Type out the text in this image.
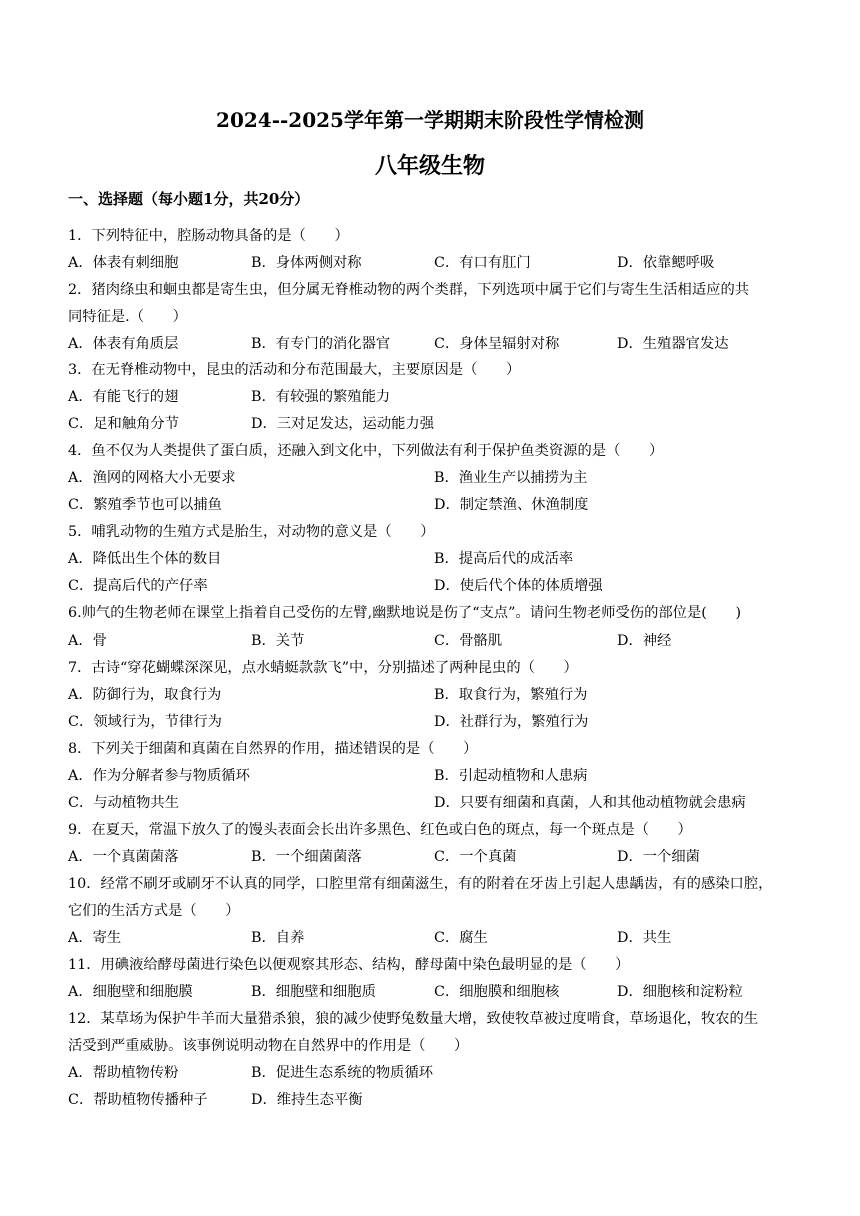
2024--2025学年第一学期期末阶段性学情检测
八年级生物
一、选择题（每小题1分，共20分）
1．下列特征中，腔肠动物具备的是（　　）
A．体表有刺细胞	B．身体两侧对称	C．有口有肛门	D．依靠鳃呼吸
2．猪肉绦虫和蛔虫都是寄生虫，但分属无脊椎动物的两个类群，下列选项中属于它们与寄生生活相适应的共
同特征是.（　　）
A．体表有角质层	B．有专门的消化器官	C．身体呈辐射对称	D．生殖器官发达
3．在无脊椎动物中，昆虫的活动和分布范围最大，主要原因是（　　）
A．有能飞行的翅	B．有较强的繁殖能力
C．足和触角分节	D．三对足发达，运动能力强
4．鱼不仅为人类提供了蛋白质，还融入到文化中，下列做法有利于保护鱼类资源的是（　　）
A．渔网的网格大小无要求	B．渔业生产以捕捞为主
C．繁殖季节也可以捕鱼	D．制定禁渔、休渔制度
5．哺乳动物的生殖方式是胎生，对动物的意义是（　　）
A．降低出生个体的数目	B．提高后代的成活率
C．提高后代的产仔率	D．使后代个体的体质增强
6.帅气的生物老师在课堂上指着自己受伤的左臂,幽默地说是伤了“支点”。请问生物老师受伤的部位是(　　)
A．骨	B．关节	C．骨骼肌	D．神经
7．古诗“穿花蝴蝶深深见，点水蜻蜓款款飞”中，分别描述了两种昆虫的（　　）
A．防御行为，取食行为	B．取食行为，繁殖行为
C．领域行为，节律行为	D．社群行为，繁殖行为
8．下列关于细菌和真菌在自然界的作用，描述错误的是（　　）
A．作为分解者参与物质循环	B．引起动植物和人患病
C．与动植物共生	D．只要有细菌和真菌，人和其他动植物就会患病
9．在夏天，常温下放久了的馒头表面会长出许多黑色、红色或白色的斑点，每一个斑点是（　　）
A．一个真菌菌落	B．一个细菌菌落	C．一个真菌	D．一个细菌
10．经常不刷牙或刷牙不认真的同学，口腔里常有细菌滋生，有的附着在牙齿上引起人患龋齿，有的感染口腔，
它们的生活方式是（　　）
A．寄生	B．自养	C．腐生	D．共生
11．用碘液给酵母菌进行染色以便观察其形态、结构，酵母菌中染色最明显的是（　　）
A．细胞壁和细胞膜	B．细胞壁和细胞质	C．细胞膜和细胞核	D．细胞核和淀粉粒
12．某草场为保护牛羊而大量猎杀狼，狼的减少使野兔数量大增，致使牧草被过度啃食，草场退化，牧农的生
活受到严重威胁。该事例说明动物在自然界中的作用是（　　）
A．帮助植物传粉	B．促进生态系统的物质循环
C．帮助植物传播种子	D．维持生态平衡
